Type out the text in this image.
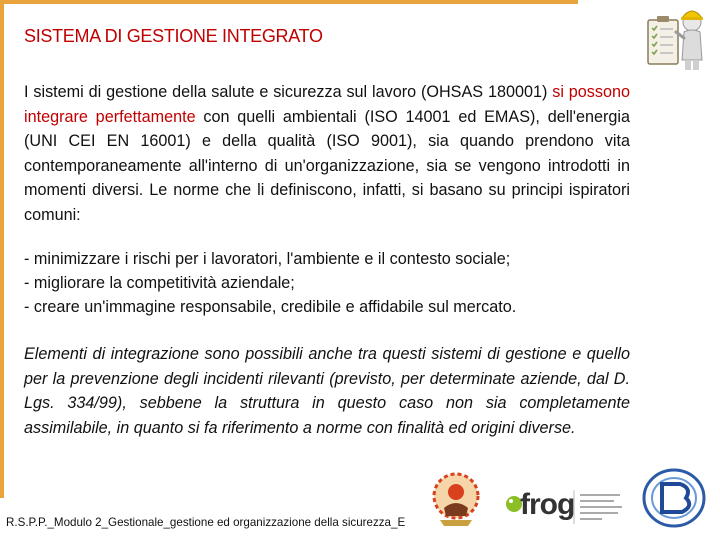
SISTEMA DI GESTIONE INTEGRATO
I sistemi di gestione della salute e sicurezza sul lavoro (OHSAS 180001) si possono integrare perfettamente con quelli ambientali (ISO 14001 ed EMAS), dell'energia (UNI CEI EN 16001) e della qualità (ISO 9001), sia quando prendono vita contemporaneamente all'interno di un'organizzazione, sia se vengono introdotti in momenti diversi. Le norme che li definiscono, infatti, si basano su principi ispiratori comuni:
- minimizzare i rischi per i lavoratori, l'ambiente e il contesto sociale;
- migliorare la competitività aziendale;
- creare un'immagine responsabile, credibile e affidabile sul mercato.
Elementi di integrazione sono possibili anche tra questi sistemi di gestione e quello per la prevenzione degli incidenti rilevanti (previsto, per determinate aziende, dal D. Lgs. 334/99), sebbene la struttura in questo caso non sia completamente assimilabile, in quanto si fa riferimento a norme con finalità ed origini diverse.
R.S.P.P._Modulo 2_Gestionale_gestione ed organizzazione della sicurezza_E
frog
